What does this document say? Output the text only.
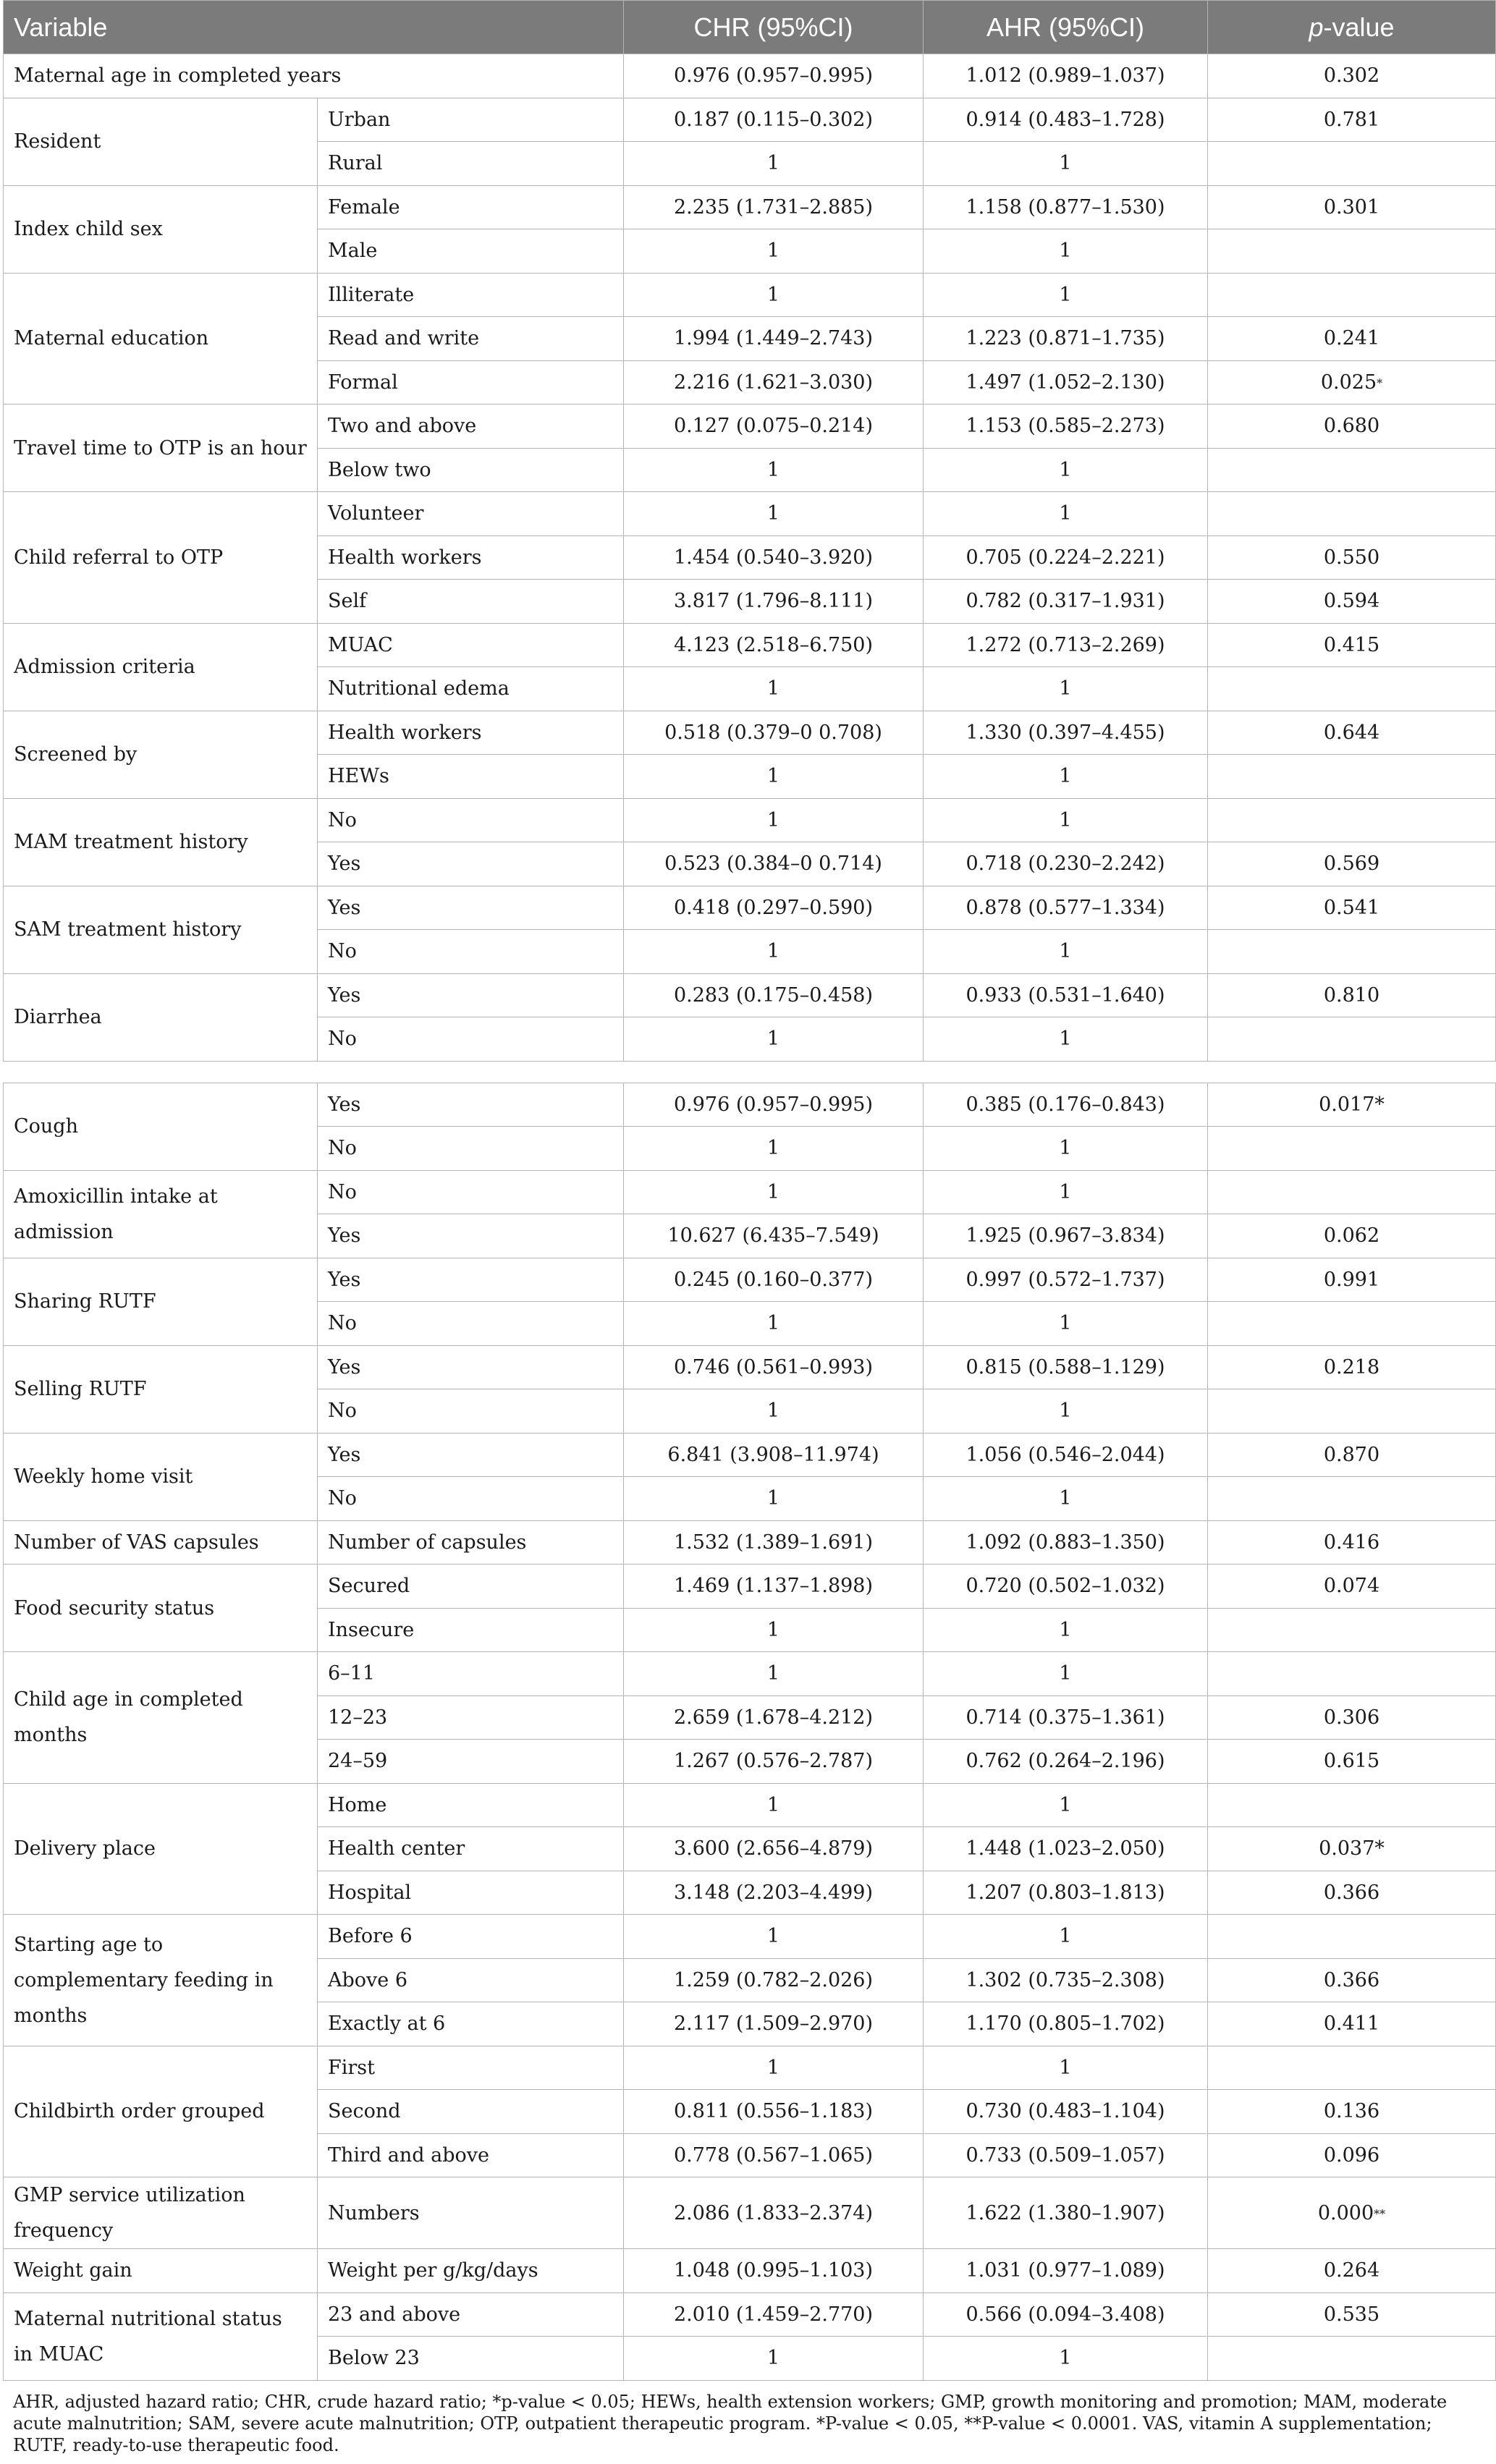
Variable		CHR (95%CI)	AHR (95%CI)	p-value
Maternal age in completed years		0.976 (0.957–0.995)	1.012 (0.989–1.037)	0.302
Resident	Urban	0.187 (0.115–0.302)	0.914 (0.483–1.728)	0.781
	Rural	1	1	
Index child sex	Female	2.235 (1.731–2.885)	1.158 (0.877–1.530)	0.301
	Male	1	1	
Maternal education	Illiterate	1	1	
	Read and write	1.994 (1.449–2.743)	1.223 (0.871–1.735)	0.241
	Formal	2.216 (1.621–3.030)	1.497 (1.052–2.130)	0.025*
Travel time to OTP is an hour	Two and above	0.127 (0.075–0.214)	1.153 (0.585–2.273)	0.680
	Below two	1	1	
Child referral to OTP	Volunteer	1	1	
	Health workers	1.454 (0.540–3.920)	0.705 (0.224–2.221)	0.550
	Self	3.817 (1.796–8.111)	0.782 (0.317–1.931)	0.594
Admission criteria	MUAC	4.123 (2.518–6.750)	1.272 (0.713–2.269)	0.415
	Nutritional edema	1	1	
Screened by	Health workers	0.518 (0.379–0 0.708)	1.330 (0.397–4.455)	0.644
	HEWs	1	1	
MAM treatment history	No	1	1	
	Yes	0.523 (0.384–0 0.714)	0.718 (0.230–2.242)	0.569
SAM treatment history	Yes	0.418 (0.297–0.590)	0.878 (0.577–1.334)	0.541
	No	1	1	
Diarrhea	Yes	0.283 (0.175–0.458)	0.933 (0.531–1.640)	0.810
	No	1	1	

Cough	Yes	0.976 (0.957–0.995)	0.385 (0.176–0.843)	0.017*
	No	1	1	
Amoxicillin intake at admission	No	1	1	
	Yes	10.627 (6.435–7.549)	1.925 (0.967–3.834)	0.062
Sharing RUTF	Yes	0.245 (0.160–0.377)	0.997 (0.572–1.737)	0.991
	No	1	1	
Selling RUTF	Yes	0.746 (0.561–0.993)	0.815 (0.588–1.129)	0.218
	No	1	1	
Weekly home visit	Yes	6.841 (3.908–11.974)	1.056 (0.546–2.044)	0.870
	No	1	1	
Number of VAS capsules	Number of capsules	1.532 (1.389–1.691)	1.092 (0.883–1.350)	0.416
Food security status	Secured	1.469 (1.137–1.898)	0.720 (0.502–1.032)	0.074
	Insecure	1	1	
Child age in completed months	6–11	1	1	
	12–23	2.659 (1.678–4.212)	0.714 (0.375–1.361)	0.306
	24–59	1.267 (0.576–2.787)	0.762 (0.264–2.196)	0.615
Delivery place	Home	1	1	
	Health center	3.600 (2.656–4.879)	1.448 (1.023–2.050)	0.037*
	Hospital	3.148 (2.203–4.499)	1.207 (0.803–1.813)	0.366
Starting age to complementary feeding in months	Before 6	1	1	
	Above 6	1.259 (0.782–2.026)	1.302 (0.735–2.308)	0.366
	Exactly at 6	2.117 (1.509–2.970)	1.170 (0.805–1.702)	0.411
Childbirth order grouped	First	1	1	
	Second	0.811 (0.556–1.183)	0.730 (0.483–1.104)	0.136
	Third and above	0.778 (0.567–1.065)	0.733 (0.509–1.057)	0.096
GMP service utilization frequency	Numbers	2.086 (1.833–2.374)	1.622 (1.380–1.907)	0.000**
Weight gain	Weight per g/kg/days	1.048 (0.995–1.103)	1.031 (0.977–1.089)	0.264
Maternal nutritional status in MUAC	23 and above	2.010 (1.459–2.770)	0.566 (0.094–3.408)	0.535
	Below 23	1	1	
AHR, adjusted hazard ratio; CHR, crude hazard ratio; *p-value < 0.05; HEWs, health extension workers; GMP, growth monitoring and promotion; MAM, moderate acute malnutrition; SAM, severe acute malnutrition; OTP, outpatient therapeutic program. *P-value < 0.05, **P-value < 0.0001. VAS, vitamin A supplementation; RUTF, ready-to-use therapeutic food.
